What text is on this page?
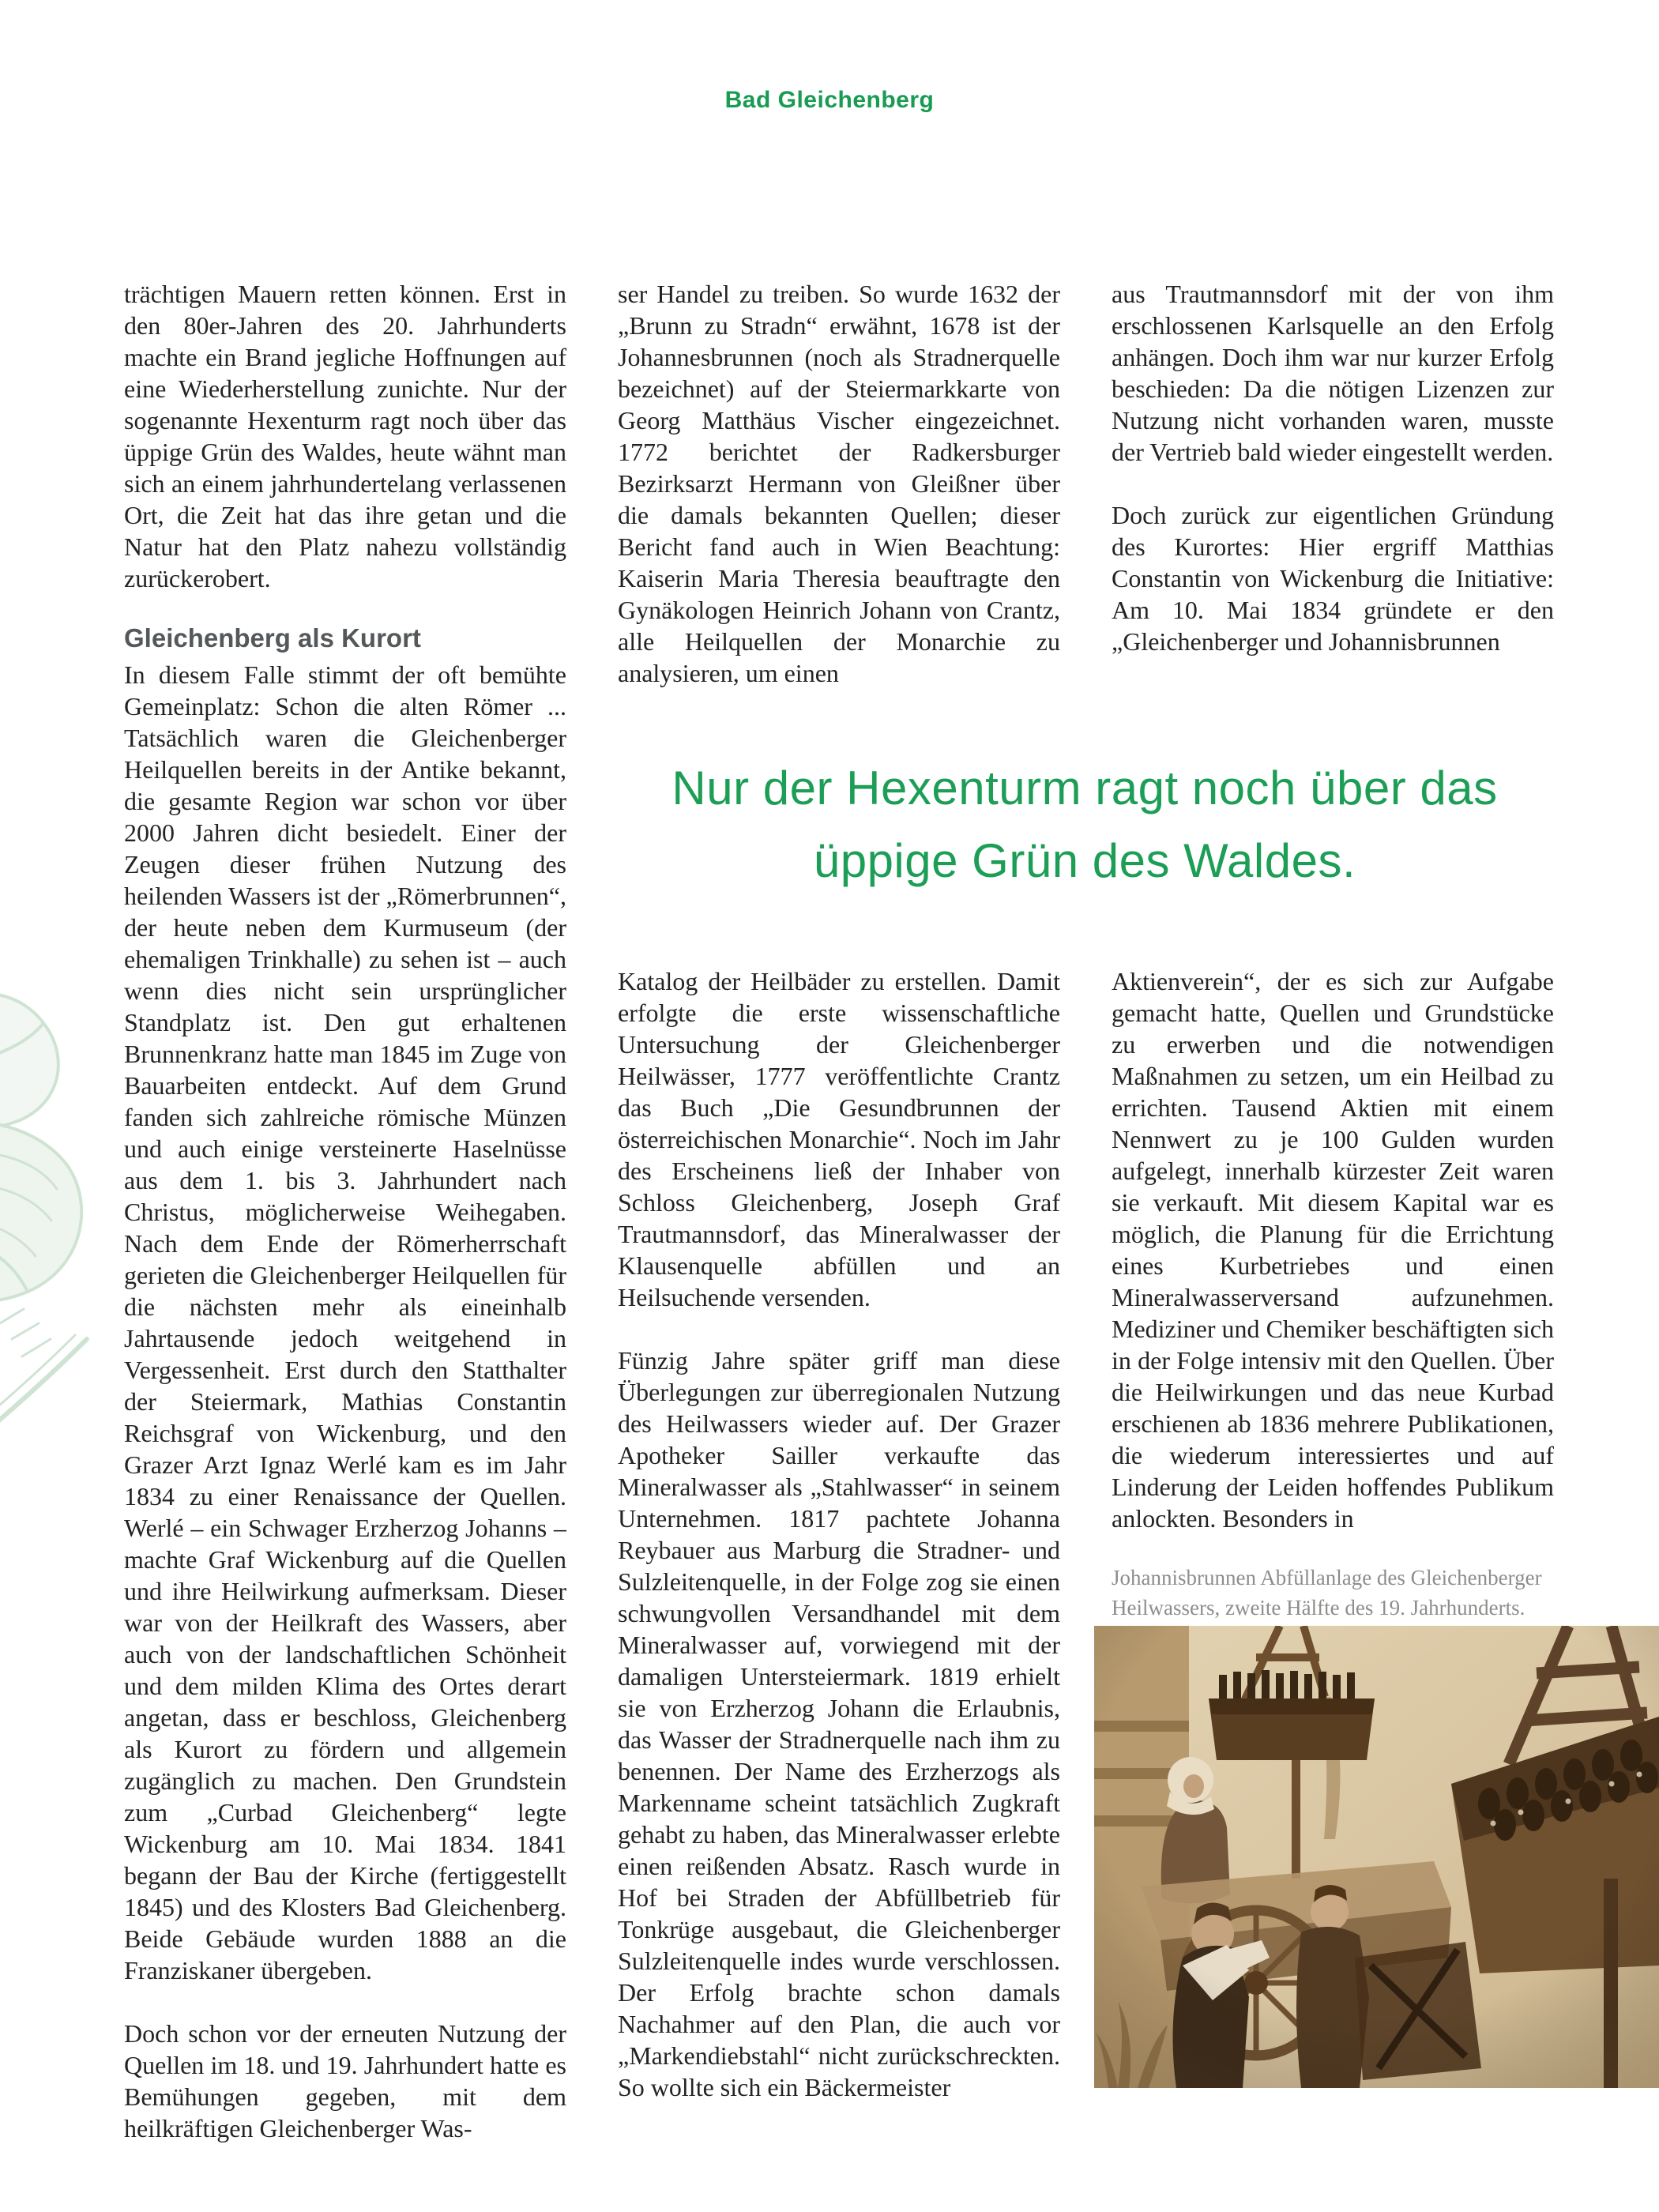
Bad Gleichenberg

trächtigen Mauern retten können. Erst in den 80er-Jahren des 20. Jahrhunderts machte ein Brand jegliche Hoffnungen auf eine Wiederherstellung zunichte. Nur der sogenannte Hexenturm ragt noch über das üppige Grün des Waldes, heute wähnt man sich an einem jahrhundertelang verlassenen Ort, die Zeit hat das ihre getan und die Natur hat den Platz nahezu vollständig zurückerobert.

Gleichenberg als Kurort

In diesem Falle stimmt der oft bemühte Gemeinplatz: Schon die alten Römer ... Tatsächlich waren die Gleichenberger Heilquellen bereits in der Antike bekannt, die gesamte Region war schon vor über 2000 Jahren dicht besiedelt. Einer der Zeugen dieser frühen Nutzung des heilenden Wassers ist der „Römerbrunnen“, der heute neben dem Kurmuseum (der ehemaligen Trinkhalle) zu sehen ist – auch wenn dies nicht sein ursprünglicher Standplatz ist. Den gut erhaltenen Brunnenkranz hatte man 1845 im Zuge von Bauarbeiten entdeckt. Auf dem Grund fanden sich zahlreiche römische Münzen und auch einige versteinerte Haselnüsse aus dem 1. bis 3. Jahrhundert nach Christus, möglicherweise Weihegaben. Nach dem Ende der Römerherrschaft gerieten die Gleichenberger Heilquellen für die nächsten mehr als eineinhalb Jahrtausende jedoch weitgehend in Vergessenheit. Erst durch den Statthalter der Steiermark, Mathias Constantin Reichsgraf von Wickenburg, und den Grazer Arzt Ignaz Werlé kam es im Jahr 1834 zu einer Renaissance der Quellen. Werlé – ein Schwager Erzherzog Johanns – machte Graf Wickenburg auf die Quellen und ihre Heilwirkung aufmerksam. Dieser war von der Heilkraft des Wassers, aber auch von der landschaftlichen Schönheit und dem milden Klima des Ortes derart angetan, dass er beschloss, Gleichenberg als Kurort zu fördern und allgemein zugänglich zu machen. Den Grundstein zum „Curbad Gleichenberg“ legte Wickenburg am 10. Mai 1834. 1841 begann der Bau der Kirche (fertiggestellt 1845) und des Klosters Bad Gleichenberg. Beide Gebäude wurden 1888 an die Franziskaner übergeben.

Doch schon vor der erneuten Nutzung der Quellen im 18. und 19. Jahrhundert hatte es Bemühungen gegeben, mit dem heilkräftigen Gleichenberger Was-

ser Handel zu treiben. So wurde 1632 der „Brunn zu Stradn“ erwähnt, 1678 ist der Johannesbrunnen (noch als Stradnerquelle bezeichnet) auf der Steiermarkkarte von Georg Matthäus Vischer eingezeichnet. 1772 berichtet der Radkersburger Bezirksarzt Hermann von Gleißner über die damals bekannten Quellen; dieser Bericht fand auch in Wien Beachtung: Kaiserin Maria Theresia beauftragte den Gynäkologen Heinrich Johann von Crantz, alle Heilquellen der Monarchie zu analysieren, um einen

aus Trautmannsdorf mit der von ihm erschlossenen Karlsquelle an den Erfolg anhängen. Doch ihm war nur kurzer Erfolg beschieden: Da die nötigen Lizenzen zur Nutzung nicht vorhanden waren, musste der Vertrieb bald wieder eingestellt werden.

Doch zurück zur eigentlichen Gründung des Kurortes: Hier ergriff Matthias Constantin von Wickenburg die Initiative: Am 10. Mai 1834 gründete er den „Gleichenberger und Johannisbrunnen

Nur der Hexenturm ragt noch über das üppige Grün des Waldes.

Katalog der Heilbäder zu erstellen. Damit erfolgte die erste wissenschaftliche Untersuchung der Gleichenberger Heilwässer, 1777 veröffentlichte Crantz das Buch „Die Gesundbrunnen der österreichischen Monarchie“. Noch im Jahr des Erscheinens ließ der Inhaber von Schloss Gleichenberg, Joseph Graf Trautmannsdorf, das Mineralwasser der Klausenquelle abfüllen und an Heilsuchende versenden.

Fünzig Jahre später griff man diese Überlegungen zur überregionalen Nutzung des Heilwassers wieder auf. Der Grazer Apotheker Sailler verkaufte das Mineralwasser als „Stahlwasser“ in seinem Unternehmen. 1817 pachtete Johanna Reybauer aus Marburg die Stradner- und Sulzleitenquelle, in der Folge zog sie einen schwungvollen Versandhandel mit dem Mineralwasser auf, vorwiegend mit der damaligen Untersteiermark. 1819 erhielt sie von Erzherzog Johann die Erlaubnis, das Wasser der Stradnerquelle nach ihm zu benennen. Der Name des Erzherzogs als Markenname scheint tatsächlich Zugkraft gehabt zu haben, das Mineralwasser erlebte einen reißenden Absatz. Rasch wurde in Hof bei Straden der Abfüllbetrieb für Tonkrüge ausgebaut, die Gleichenberger Sulzleitenquelle indes wurde verschlossen. Der Erfolg brachte schon damals Nachahmer auf den Plan, die auch vor „Markendiebstahl“ nicht zurückschreckten. So wollte sich ein Bäckermeister

Aktienverein“, der es sich zur Aufgabe gemacht hatte, Quellen und Grundstücke zu erwerben und die notwendigen Maßnahmen zu setzen, um ein Heilbad zu errichten. Tausend Aktien mit einem Nennwert zu je 100 Gulden wurden aufgelegt, innerhalb kürzester Zeit waren sie verkauft. Mit diesem Kapital war es möglich, die Planung für die Errichtung eines Kurbetriebes und einen Mineralwasserversand aufzunehmen. Mediziner und Chemiker beschäftigten sich in der Folge intensiv mit den Quellen. Über die Heilwirkungen und das neue Kurbad erschienen ab 1836 mehrere Publikationen, die wiederum interessiertes und auf Linderung der Leiden hoffendes Publikum anlockten. Besonders in

Johannisbrunnen Abfüllanlage des Gleichenberger Heilwassers, zweite Hälfte des 19. Jahrhunderts.
